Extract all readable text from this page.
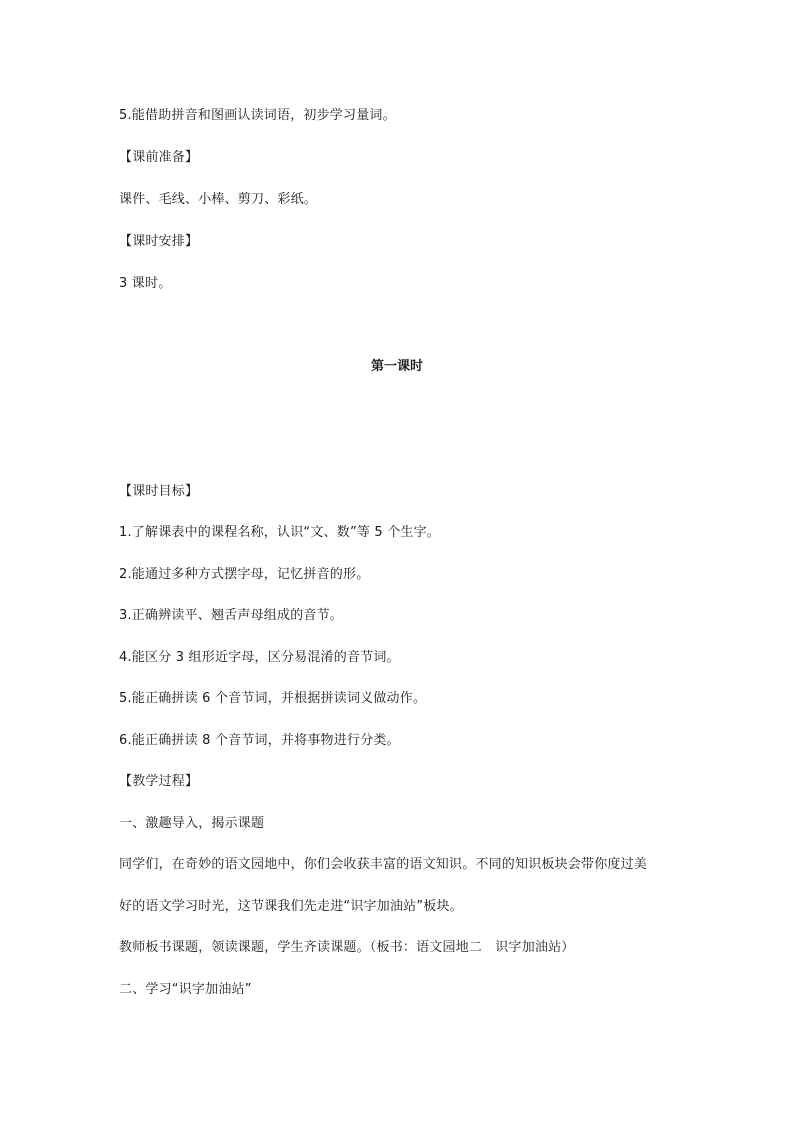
5.能借助拼音和图画认读词语，初步学习量词。
【课前准备】
课件、毛线、小棒、剪刀、彩纸。
【课时安排】
3 课时。
第一课时
【课时目标】
1.了解课表中的课程名称，认识“文、数”等 5 个生字。
2.能通过多种方式摆字母，记忆拼音的形。
3.正确辨读平、翘舌声母组成的音节。
4.能区分 3 组形近字母，区分易混淆的音节词。
5.能正确拼读 6 个音节词，并根据拼读词义做动作。
6.能正确拼读 8 个音节词，并将事物进行分类。
【教学过程】
一、激趣导入，揭示课题
同学们，在奇妙的语文园地中，你们会收获丰富的语文知识。不同的知识板块会带你度过美
好的语文学习时光，这节课我们先走进“识字加油站”板块。
教师板书课题，领读课题，学生齐读课题。（板书：语文园地二　识字加油站）
二、学习“识字加油站”
